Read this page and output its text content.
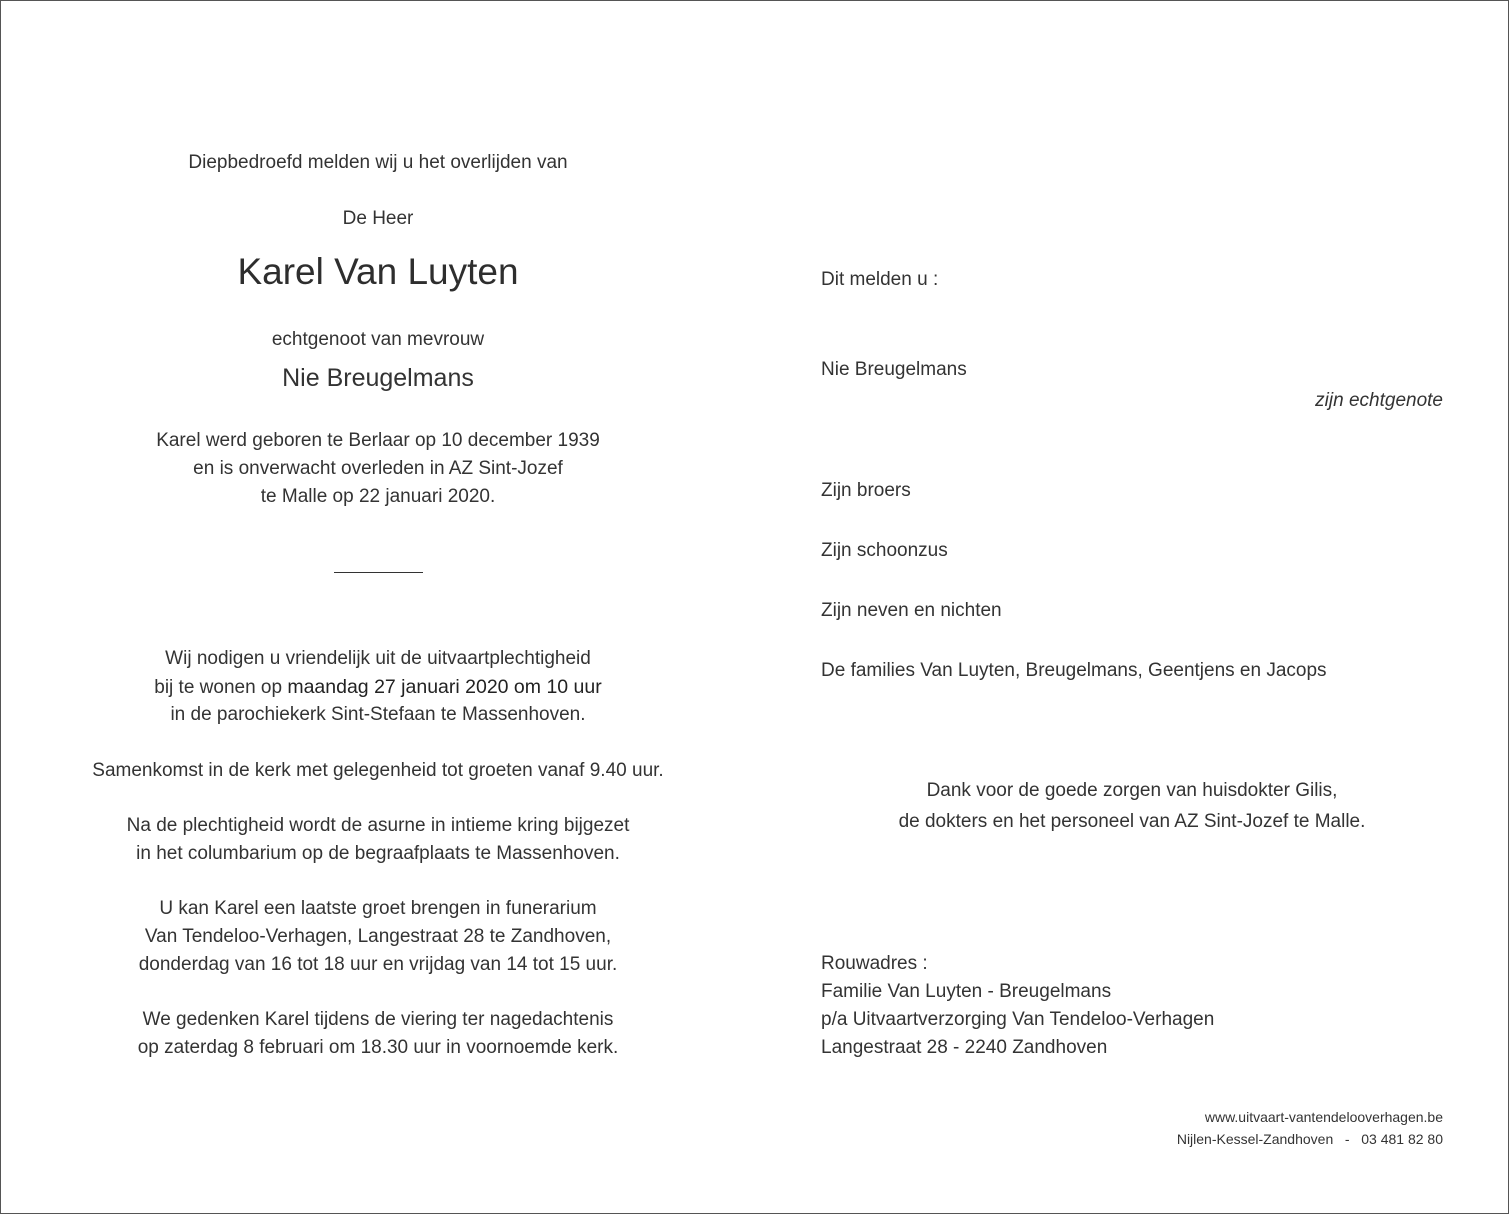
Diepbedroefd melden wij u het overlijden van
De Heer
Karel Van Luyten
echtgenoot van mevrouw
Nie Breugelmans
Karel werd geboren te Berlaar op 10 december 1939
en is onverwacht overleden in AZ Sint-Jozef
te Malle op 22 januari 2020.
Wij nodigen u vriendelijk uit de uitvaartplechtigheid
bij te wonen op maandag 27 januari 2020 om 10 uur
in de parochiekerk Sint-Stefaan te Massenhoven.
Samenkomst in de kerk met gelegenheid tot groeten vanaf 9.40 uur.
Na de plechtigheid wordt de asurne in intieme kring bijgezet
in het columbarium op de begraafplaats te Massenhoven.
U kan Karel een laatste groet brengen in funerarium
Van Tendeloo-Verhagen, Langestraat 28 te Zandhoven,
donderdag van 16 tot 18 uur en vrijdag van 14 tot 15 uur.
We gedenken Karel tijdens de viering ter nagedachtenis
op zaterdag 8 februari om 18.30 uur in voornoemde kerk.
Dit melden u :
Nie Breugelmans
zijn echtgenote
Zijn broers
Zijn schoonzus
Zijn neven en nichten
De families Van Luyten, Breugelmans, Geentjens en Jacops
Dank voor de goede zorgen van huisdokter Gilis,
de dokters en het personeel van AZ Sint-Jozef te Malle.
Rouwadres :
Familie Van Luyten - Breugelmans
p/a Uitvaartverzorging Van Tendeloo-Verhagen
Langestraat 28 - 2240 Zandhoven
www.uitvaart-vantendelooverhagen.be
Nijlen-Kessel-Zandhoven   -   03 481 82 80
